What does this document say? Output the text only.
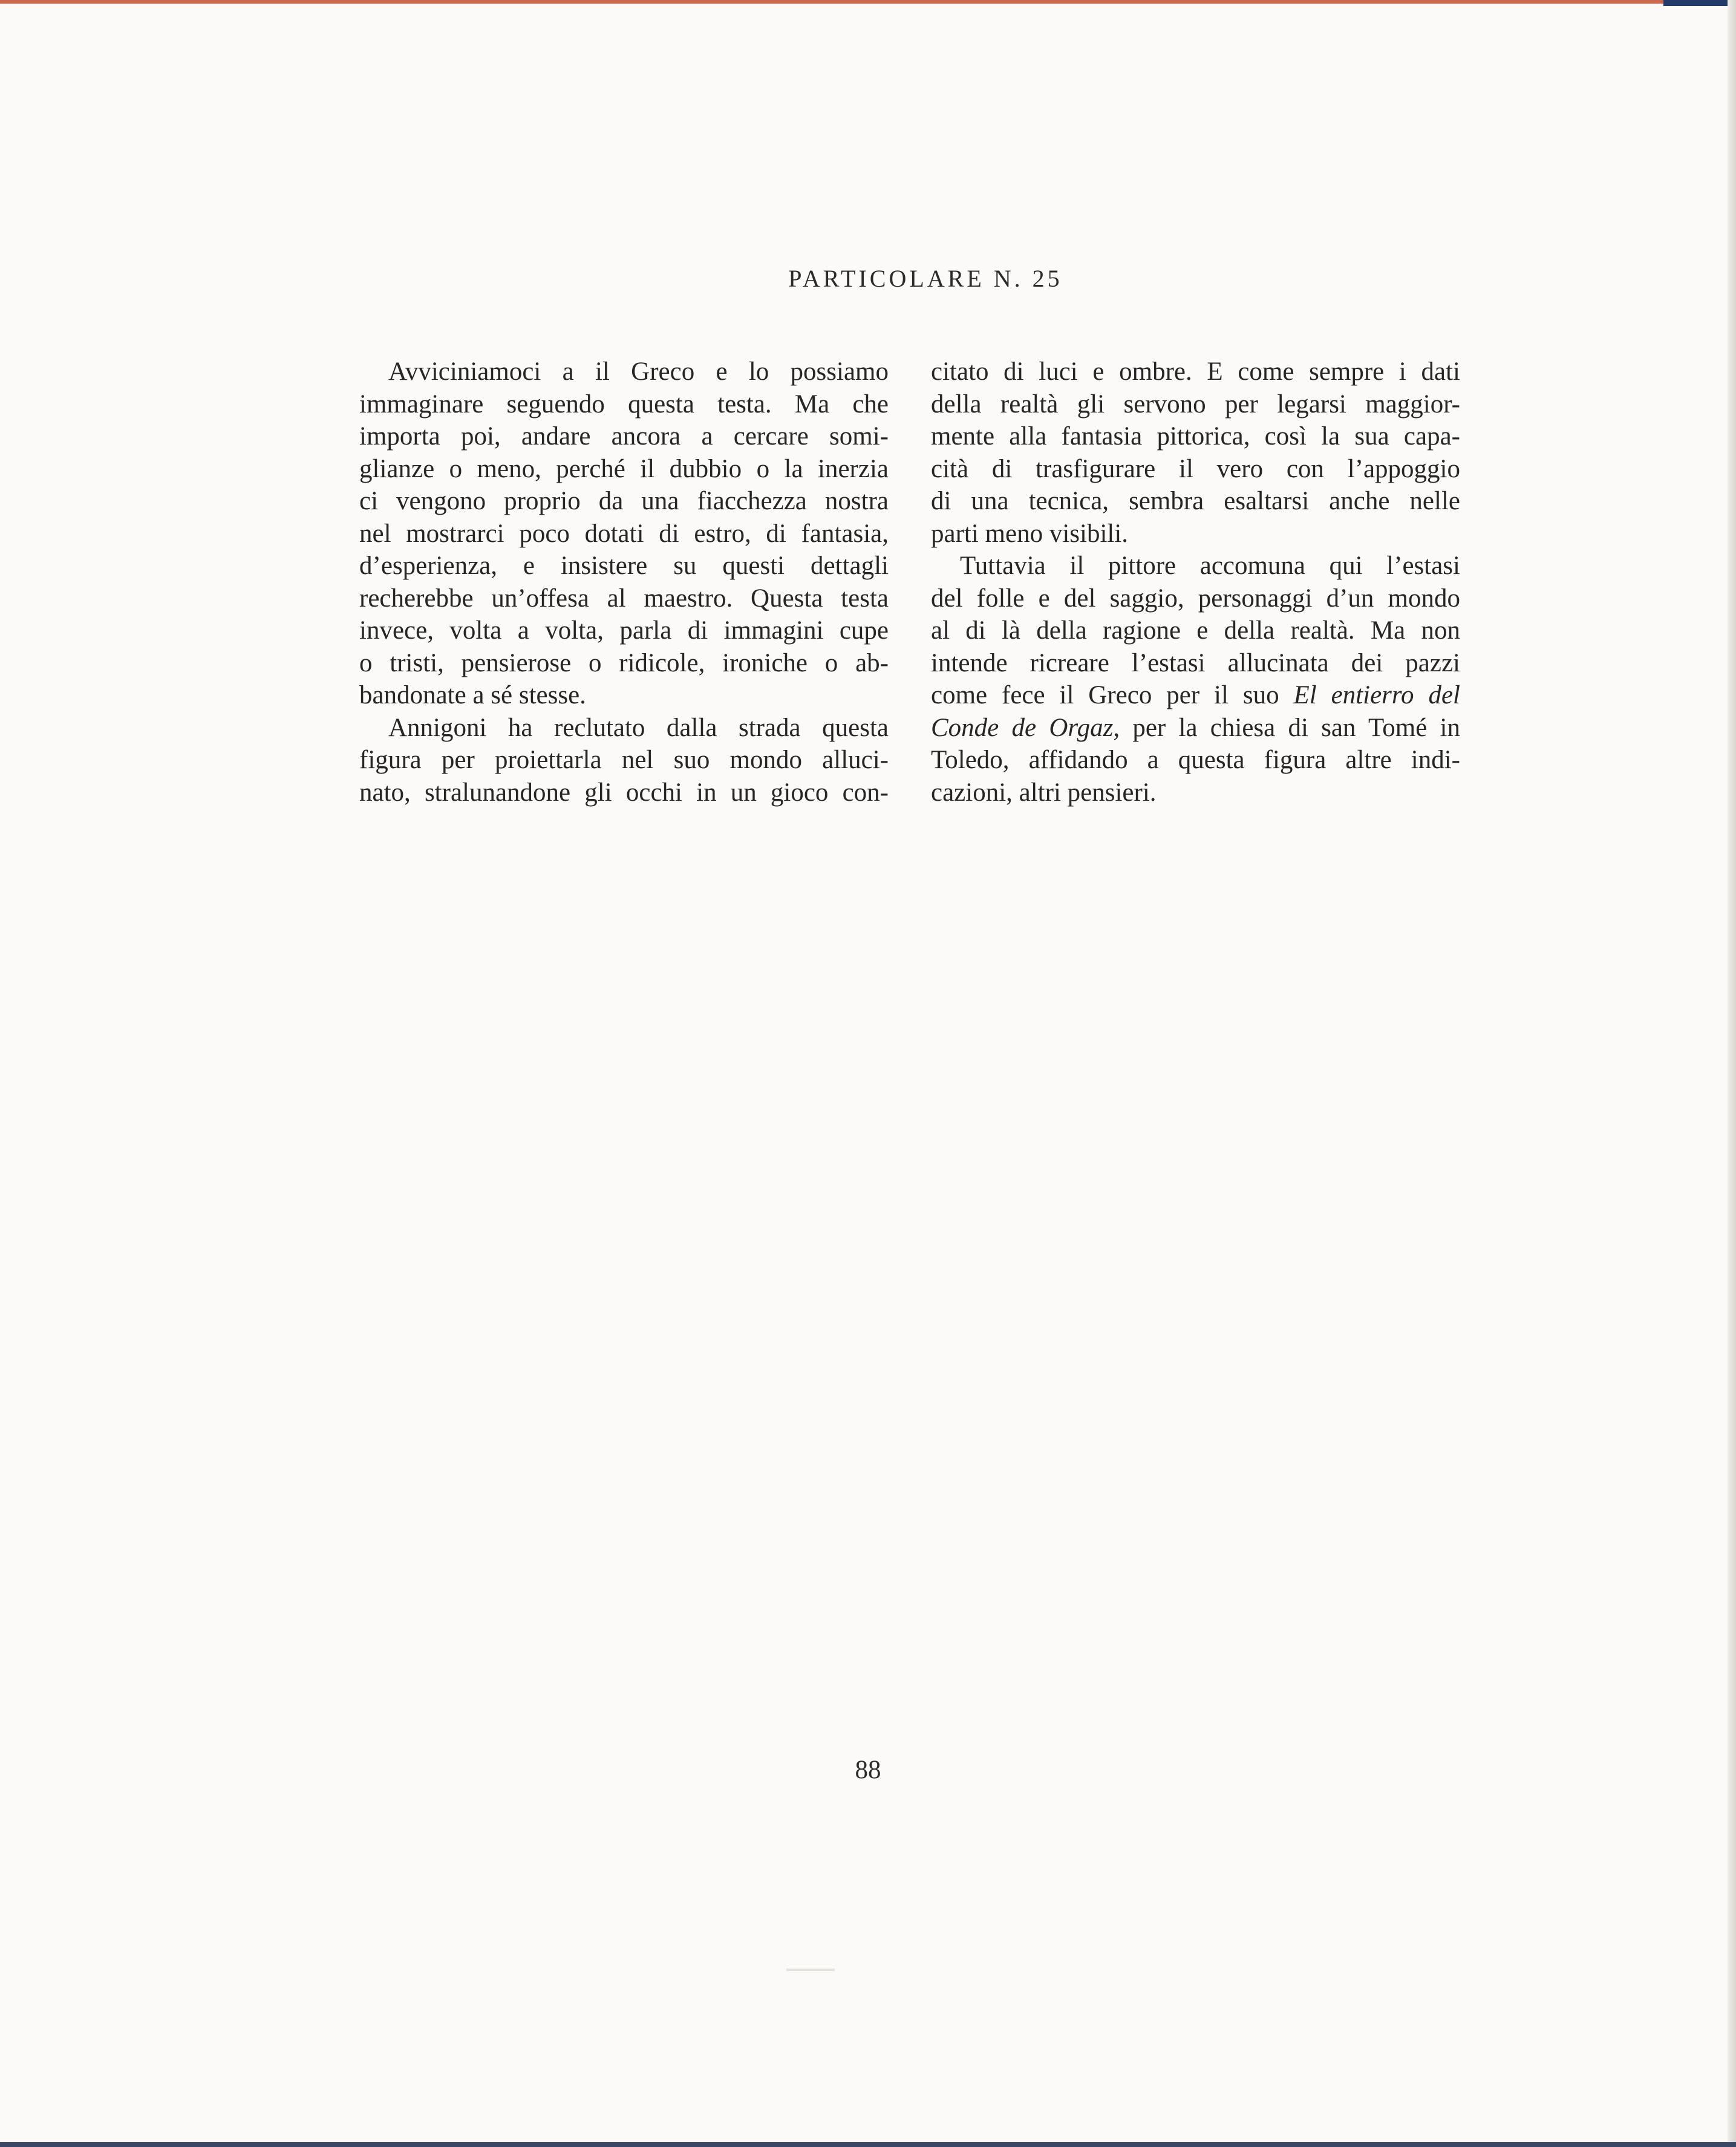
PARTICOLARE N. 25
Avviciniamoci a il Greco e lo possiamo
immaginare seguendo questa testa. Ma che
importa poi, andare ancora a cercare somi-
glianze o meno, perché il dubbio o la inerzia
ci vengono proprio da una fiacchezza nostra
nel mostrarci poco dotati di estro, di fantasia,
d’esperienza, e insistere su questi dettagli
recherebbe un’offesa al maestro. Questa testa
invece, volta a volta, parla di immagini cupe
o tristi, pensierose o ridicole, ironiche o ab-
bandonate a sé stesse.
Annigoni ha reclutato dalla strada questa
figura per proiettarla nel suo mondo alluci-
nato, stralunandone gli occhi in un gioco con-
citato di luci e ombre. E come sempre i dati
della realtà gli servono per legarsi maggior-
mente alla fantasia pittorica, così la sua capa-
cità di trasfigurare il vero con l’appoggio
di una tecnica, sembra esaltarsi anche nelle
parti meno visibili.
Tuttavia il pittore accomuna qui l’estasi
del folle e del saggio, personaggi d’un mondo
al di là della ragione e della realtà. Ma non
intende ricreare l’estasi allucinata dei pazzi
come fece il Greco per il suo El entierro del
Conde de Orgaz, per la chiesa di san Tomé in
Toledo, affidando a questa figura altre indi-
cazioni, altri pensieri.
88
